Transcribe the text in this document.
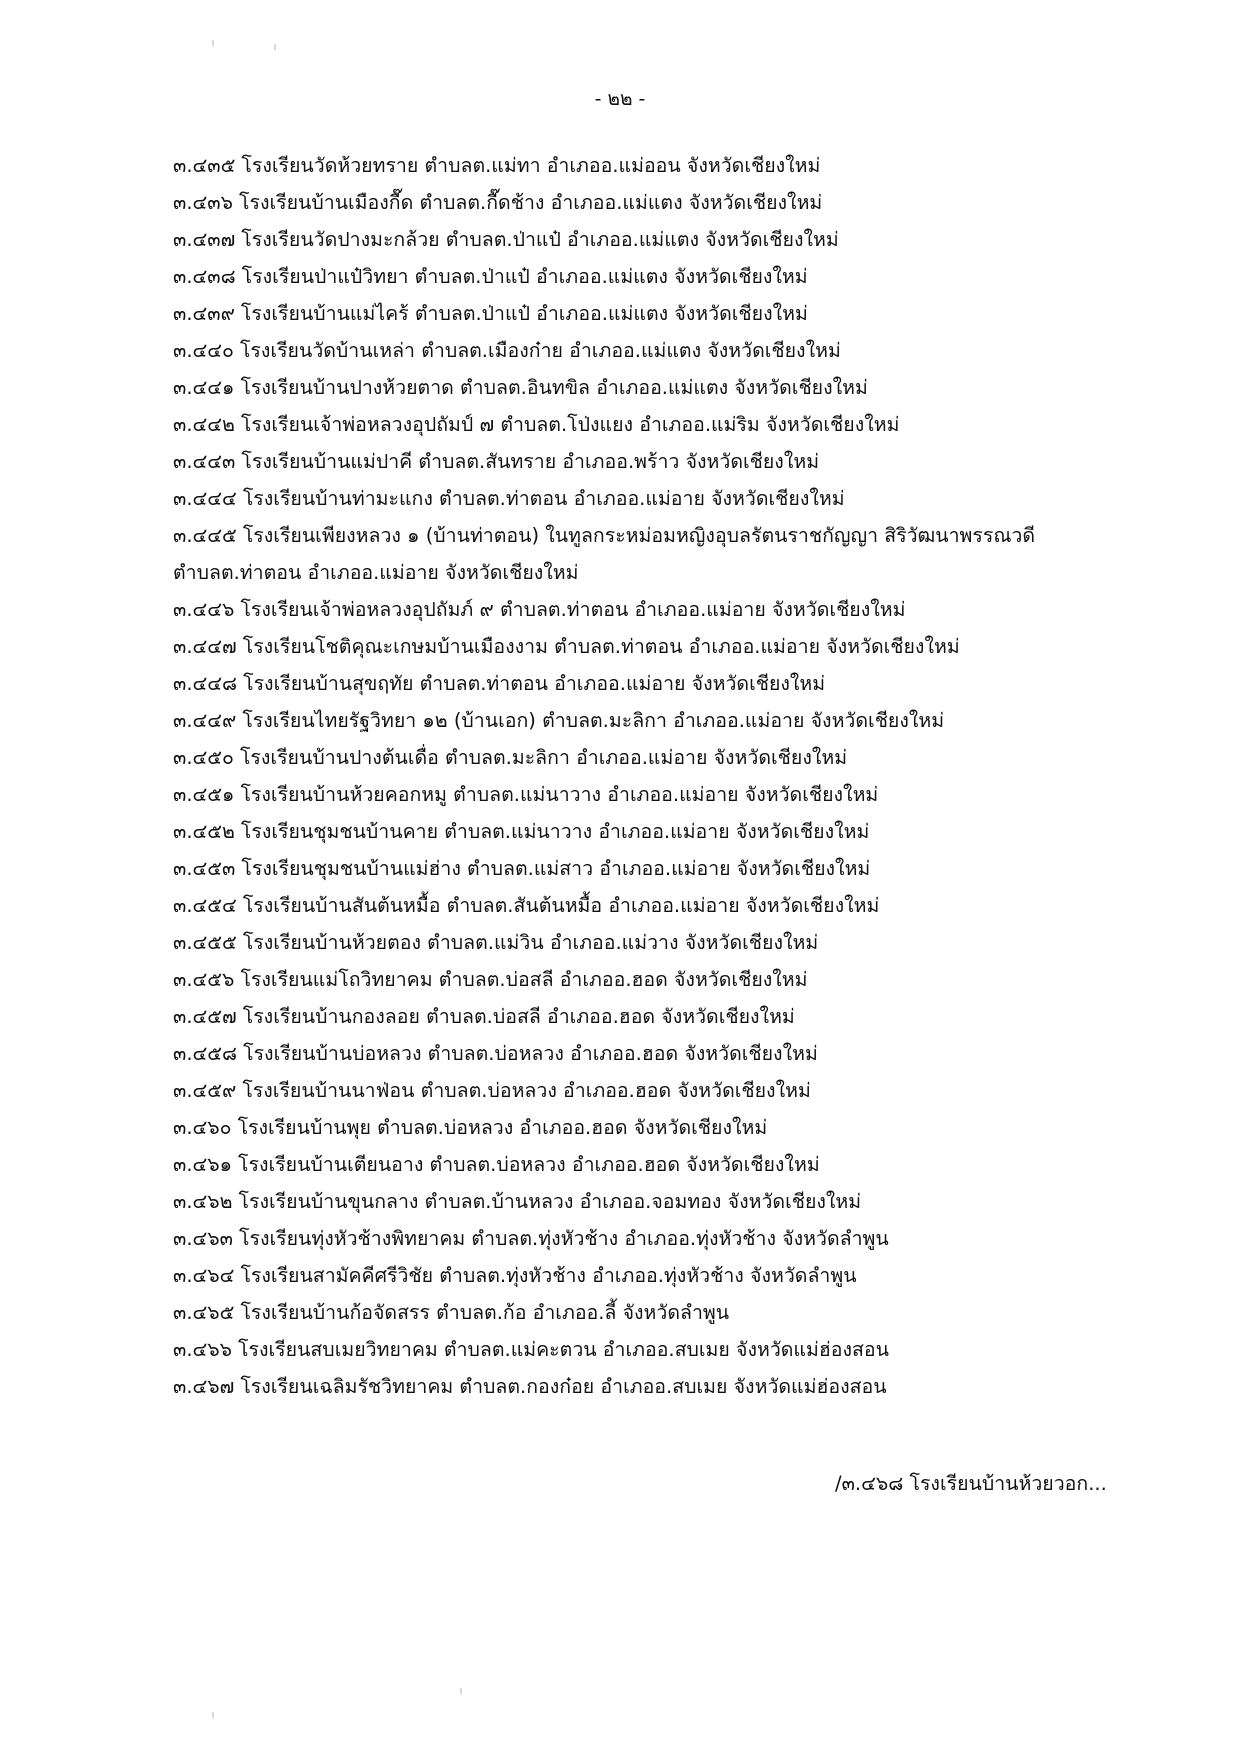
- ๒๒ -
๓.๔๓๕ โรงเรียนวัดห้วยทราย ตำบลต.แม่ทา อำเภออ.แม่ออน จังหวัดเชียงใหม่
๓.๔๓๖ โรงเรียนบ้านเมืองกื๊ด ตำบลต.กื๊ดช้าง อำเภออ.แม่แตง จังหวัดเชียงใหม่
๓.๔๓๗ โรงเรียนวัดปางมะกล้วย ตำบลต.ป่าแป๋ อำเภออ.แม่แตง จังหวัดเชียงใหม่
๓.๔๓๘ โรงเรียนป่าแป๋วิทยา ตำบลต.ป่าแป๋ อำเภออ.แม่แตง จังหวัดเชียงใหม่
๓.๔๓๙ โรงเรียนบ้านแม่ไคร้ ตำบลต.ป่าแป๋ อำเภออ.แม่แตง จังหวัดเชียงใหม่
๓.๔๔๐ โรงเรียนวัดบ้านเหล่า ตำบลต.เมืองก๋าย อำเภออ.แม่แตง จังหวัดเชียงใหม่
๓.๔๔๑ โรงเรียนบ้านปางห้วยตาด ตำบลต.อินทขิล อำเภออ.แม่แตง จังหวัดเชียงใหม่
๓.๔๔๒ โรงเรียนเจ้าพ่อหลวงอุปถัมป์ ๗ ตำบลต.โป่งแยง อำเภออ.แม่ริม จังหวัดเชียงใหม่
๓.๔๔๓ โรงเรียนบ้านแม่ปาคี ตำบลต.สันทราย อำเภออ.พร้าว จังหวัดเชียงใหม่
๓.๔๔๔ โรงเรียนบ้านท่ามะแกง ตำบลต.ท่าตอน อำเภออ.แม่อาย จังหวัดเชียงใหม่
๓.๔๔๕ โรงเรียนเพียงหลวง ๑ (บ้านท่าตอน) ในทูลกระหม่อมหญิงอุบลรัตนราชกัญญา สิริวัฒนาพรรณวดี ตำบลต.ท่าตอน อำเภออ.แม่อาย จังหวัดเชียงใหม่
๓.๔๔๖ โรงเรียนเจ้าพ่อหลวงอุปถัมภ์ ๙ ตำบลต.ท่าตอน อำเภออ.แม่อาย จังหวัดเชียงใหม่
๓.๔๔๗ โรงเรียนโชติคุณะเกษมบ้านเมืองงาม ตำบลต.ท่าตอน อำเภออ.แม่อาย จังหวัดเชียงใหม่
๓.๔๔๘ โรงเรียนบ้านสุขฤทัย ตำบลต.ท่าตอน อำเภออ.แม่อาย จังหวัดเชียงใหม่
๓.๔๔๙ โรงเรียนไทยรัฐวิทยา ๑๒ (บ้านเอก) ตำบลต.มะลิกา อำเภออ.แม่อาย จังหวัดเชียงใหม่
๓.๔๕๐ โรงเรียนบ้านปางต้นเดื่อ ตำบลต.มะลิกา อำเภออ.แม่อาย จังหวัดเชียงใหม่
๓.๔๕๑ โรงเรียนบ้านห้วยคอกหมู ตำบลต.แม่นาวาง อำเภออ.แม่อาย จังหวัดเชียงใหม่
๓.๔๕๒ โรงเรียนชุมชนบ้านคาย ตำบลต.แม่นาวาง อำเภออ.แม่อาย จังหวัดเชียงใหม่
๓.๔๕๓ โรงเรียนชุมชนบ้านแม่ฮ่าง ตำบลต.แม่สาว อำเภออ.แม่อาย จังหวัดเชียงใหม่
๓.๔๕๔ โรงเรียนบ้านสันต้นหมื้อ ตำบลต.สันต้นหมื้อ อำเภออ.แม่อาย จังหวัดเชียงใหม่
๓.๔๕๕ โรงเรียนบ้านห้วยตอง ตำบลต.แม่วิน อำเภออ.แม่วาง จังหวัดเชียงใหม่
๓.๔๕๖ โรงเรียนแม่โถวิทยาคม ตำบลต.บ่อสลี อำเภออ.ฮอด จังหวัดเชียงใหม่
๓.๔๕๗ โรงเรียนบ้านกองลอย ตำบลต.บ่อสลี อำเภออ.ฮอด จังหวัดเชียงใหม่
๓.๔๕๘ โรงเรียนบ้านบ่อหลวง ตำบลต.บ่อหลวง อำเภออ.ฮอด จังหวัดเชียงใหม่
๓.๔๕๙ โรงเรียนบ้านนาฟ่อน ตำบลต.บ่อหลวง อำเภออ.ฮอด จังหวัดเชียงใหม่
๓.๔๖๐ โรงเรียนบ้านพุย ตำบลต.บ่อหลวง อำเภออ.ฮอด จังหวัดเชียงใหม่
๓.๔๖๑ โรงเรียนบ้านเตียนอาง ตำบลต.บ่อหลวง อำเภออ.ฮอด จังหวัดเชียงใหม่
๓.๔๖๒ โรงเรียนบ้านขุนกลาง ตำบลต.บ้านหลวง อำเภออ.จอมทอง จังหวัดเชียงใหม่
๓.๔๖๓ โรงเรียนทุ่งหัวช้างพิทยาคม ตำบลต.ทุ่งหัวช้าง อำเภออ.ทุ่งหัวช้าง จังหวัดลำพูน
๓.๔๖๔ โรงเรียนสามัคคีศรีวิชัย ตำบลต.ทุ่งหัวช้าง อำเภออ.ทุ่งหัวช้าง จังหวัดลำพูน
๓.๔๖๕ โรงเรียนบ้านก้อจัดสรร ตำบลต.ก้อ อำเภออ.ลี้ จังหวัดลำพูน
๓.๔๖๖ โรงเรียนสบเมยวิทยาคม ตำบลต.แม่คะตวน อำเภออ.สบเมย จังหวัดแม่ฮ่องสอน
๓.๔๖๗ โรงเรียนเฉลิมรัชวิทยาคม ตำบลต.กองก๋อย อำเภออ.สบเมย จังหวัดแม่ฮ่องสอน
/๓.๔๖๘ โรงเรียนบ้านห้วยวอก...
